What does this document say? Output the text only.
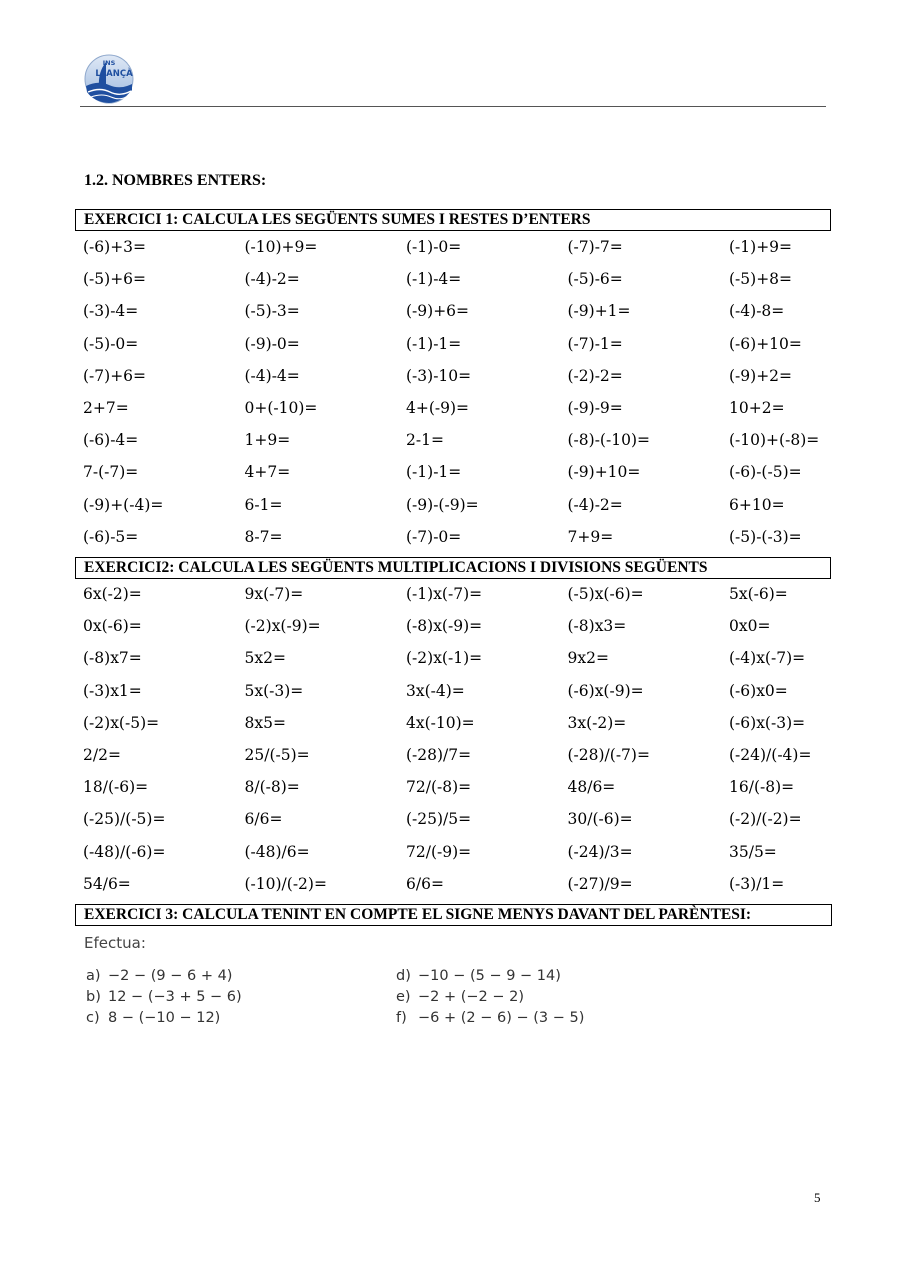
INS
LLANÇÀ
1.2. NOMBRES ENTERS:
EXERCICI 1: CALCULA LES SEGÜENTS SUMES I RESTES D’ENTERS
(-6)+3=	(-10)+9=	(-1)-0=	(-7)-7=	(-1)+9=
(-5)+6=	(-4)-2=	(-1)-4=	(-5)-6=	(-5)+8=
(-3)-4=	(-5)-3=	(-9)+6=	(-9)+1=	(-4)-8=
(-5)-0=	(-9)-0=	(-1)-1=	(-7)-1=	(-6)+10=
(-7)+6=	(-4)-4=	(-3)-10=	(-2)-2=	(-9)+2=
2+7=	0+(-10)=	4+(-9)=	(-9)-9=	10+2=
(-6)-4=	1+9=	2-1=	(-8)-(-10)=	(-10)+(-8)=
7-(-7)=	4+7=	(-1)-1=	(-9)+10=	(-6)-(-5)=
(-9)+(-4)=	6-1=	(-9)-(-9)=	(-4)-2=	6+10=
(-6)-5=	8-7=	(-7)-0=	7+9=	(-5)-(-3)=
EXERCICI2: CALCULA LES SEGÜENTS MULTIPLICACIONS I DIVISIONS SEGÜENTS
6x(-2)=	9x(-7)=	(-1)x(-7)=	(-5)x(-6)=	5x(-6)=
0x(-6)=	(-2)x(-9)=	(-8)x(-9)=	(-8)x3=	0x0=
(-8)x7=	5x2=	(-2)x(-1)=	9x2=	(-4)x(-7)=
(-3)x1=	5x(-3)=	3x(-4)=	(-6)x(-9)=	(-6)x0=
(-2)x(-5)=	8x5=	4x(-10)=	3x(-2)=	(-6)x(-3)=
2/2=	25/(-5)=	(-28)/7=	(-28)/(-7)=	(-24)/(-4)=
18/(-6)=	8/(-8)=	72/(-8)=	48/6=	16/(-8)=
(-25)/(-5)=	6/6=	(-25)/5=	30/(-6)=	(-2)/(-2)=
(-48)/(-6)=	(-48)/6=	72/(-9)=	(-24)/3=	35/5=
54/6=	(-10)/(-2)=	6/6=	(-27)/9=	(-3)/1=
EXERCICI 3: CALCULA TENINT EN COMPTE EL SIGNE MENYS DAVANT DEL PARÈNTESI:
Efectua:
a) −2 − (9 − 6 + 4)
b) 12 − (−3 + 5 − 6)
c) 8 − (−10 − 12)
d) −10 − (5 − 9 − 14)
e) −2 + (−2 − 2)
f) −6 + (2 − 6) − (3 − 5)
5
